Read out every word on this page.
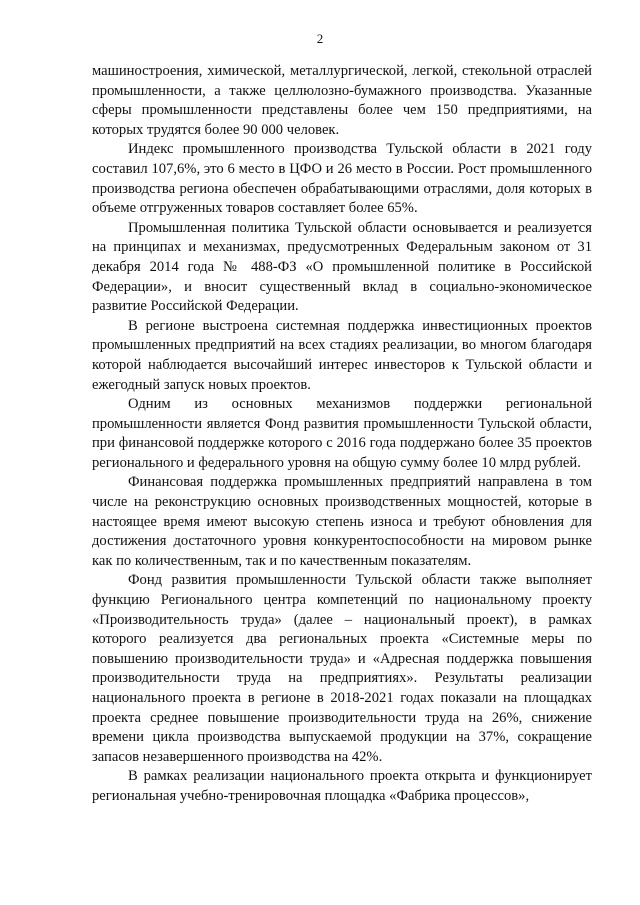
2

машиностроения, химической, металлургической, легкой, стекольной отраслей промышленности, а также целлюлозно-бумажного производства. Указанные сферы промышленности представлены более чем 150 предприятиями, на которых трудятся более 90 000 человек.

Индекс промышленного производства Тульской области в 2021 году составил 107,6%, это 6 место в ЦФО и 26 место в России. Рост промышленного производства региона обеспечен обрабатывающими отраслями, доля которых в объеме отгруженных товаров составляет более 65%.

Промышленная политика Тульской области основывается и реализуется на принципах и механизмах, предусмотренных Федеральным законом от 31 декабря 2014 года № 488-ФЗ «О промышленной политике в Российской Федерации», и вносит существенный вклад в социально-экономическое развитие Российской Федерации.

В регионе выстроена системная поддержка инвестиционных проектов промышленных предприятий на всех стадиях реализации, во многом благодаря которой наблюдается высочайший интерес инвесторов к Тульской области и ежегодный запуск новых проектов.

Одним из основных механизмов поддержки региональной промышленности является Фонд развития промышленности Тульской области, при финансовой поддержке которого с 2016 года поддержано более 35 проектов регионального и федерального уровня на общую сумму более 10 млрд рублей.

Финансовая поддержка промышленных предприятий направлена в том числе на реконструкцию основных производственных мощностей, которые в настоящее время имеют высокую степень износа и требуют обновления для достижения достаточного уровня конкурентоспособности на мировом рынке как по количественным, так и по качественным показателям.

Фонд развития промышленности Тульской области также выполняет функцию Регионального центра компетенций по национальному проекту «Производительность труда» (далее – национальный проект), в рамках которого реализуется два региональных проекта «Системные меры по повышению производительности труда» и «Адресная поддержка повышения производительности труда на предприятиях». Результаты реализации национального проекта в регионе в 2018-2021 годах показали на площадках проекта среднее повышение производительности труда на 26%, снижение времени цикла производства выпускаемой продукции на 37%, сокращение запасов незавершенного производства на 42%.

В рамках реализации национального проекта открыта и функционирует региональная учебно-тренировочная площадка «Фабрика процессов»,
